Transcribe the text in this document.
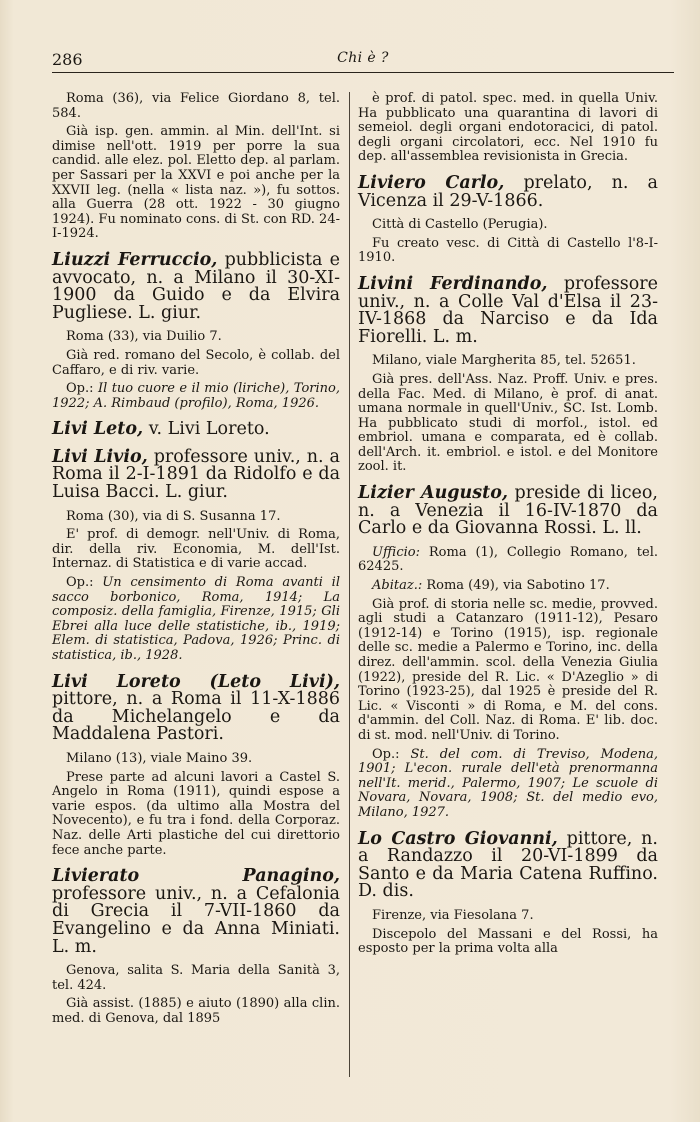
286	Chi è ?
Roma (36), via Felice Giordano 8, tel. 584.
Già isp. gen. ammin. al Min. dell'Int. si dimise nell'ott. 1919 per porre la sua candid. alle elez. pol. Eletto dep. al parlam. per Sassari per la XXVI e poi anche per la XXVII leg. (nella « lista naz. »), fu sottos. alla Guerra (28 ott. 1922 - 30 giugno 1924). Fu nominato cons. di St. con RD. 24-I-1924.
Liuzzi Ferruccio, pubblicista e avvocato, n. a Milano il 30-XI-1900 da Guido e da Elvira Pugliese. L. giur.
Roma (33), via Duilio 7.
Già red. romano del Secolo, è collab. del Caffaro, e di riv. varie.
Op.: Il tuo cuore e il mio (liriche), Torino, 1922; A. Rimbaud (profilo), Roma, 1926.
Livi Leto, v. Livi Loreto.
Livi Livio, professore univ., n. a Roma il 2-I-1891 da Ridolfo e da Luisa Bacci. L. giur.
Roma (30), via di S. Susanna 17.
E' prof. di demogr. nell'Univ. di Roma, dir. della riv. Economia, M. dell'Ist. Internaz. di Statistica e di varie accad.
Op.: Un censimento di Roma avanti il sacco borbonico, Roma, 1914; La composiz. della famiglia, Firenze, 1915; Gli Ebrei alla luce delle statistiche, ib., 1919; Elem. di statistica, Padova, 1926; Princ. di statistica, ib., 1928.
Livi Loreto (Leto Livi), pittore, n. a Roma il 11-X-1886 da Michelangelo e da Maddalena Pastori.
Milano (13), viale Maino 39.
Prese parte ad alcuni lavori a Castel S. Angelo in Roma (1911), quindi espose a varie espos. (da ultimo alla Mostra del Novecento), e fu tra i fond. della Corporaz. Naz. delle Arti plastiche del cui direttorio fece anche parte.
Livierato Panagino, professore univ., n. a Cefalonia di Grecia il 7-VII-1860 da Evangelino e da Anna Miniati. L. m.
Genova, salita S. Maria della Sanità 3, tel. 424.
Già assist. (1885) e aiuto (1890) alla clin. med. di Genova, dal 1895
è prof. di patol. spec. med. in quella Univ. Ha pubblicato una quarantina di lavori di semeiol. degli organi endotoracici, di patol. degli organi circolatori, ecc. Nel 1910 fu dep. all'assemblea revisionista in Grecia.
Liviero Carlo, prelato, n. a Vicenza il 29-V-1866.
Città di Castello (Perugia).
Fu creato vesc. di Città di Castello l'8-I-1910.
Livini Ferdinando, professore univ., n. a Colle Val d'Elsa il 23-IV-1868 da Narciso e da Ida Fiorelli. L. m.
Milano, viale Margherita 85, tel. 52651.
Già pres. dell'Ass. Naz. Proff. Univ. e pres. della Fac. Med. di Milano, è prof. di anat. umana normale in quell'Univ., SC. Ist. Lomb. Ha pubblicato studi di morfol., istol. ed embriol. umana e comparata, ed è collab. dell'Arch. it. embriol. e istol. e del Monitore zool. it.
Lizier Augusto, preside di liceo, n. a Venezia il 16-IV-1870 da Carlo e da Giovanna Rossi. L. ll.
Ufficio: Roma (1), Collegio Romano, tel. 62425.
Abitaz.: Roma (49), via Sabotino 17.
Già prof. di storia nelle sc. medie, provved. agli studi a Catanzaro (1911-12), Pesaro (1912-14) e Torino (1915), isp. regionale delle sc. medie a Palermo e Torino, inc. della direz. dell'ammin. scol. della Venezia Giulia (1922), preside del R. Lic. « D'Azeglio » di Torino (1923-25), dal 1925 è preside del R. Lic. « Visconti » di Roma, e M. del cons. d'ammin. del Coll. Naz. di Roma. E' lib. doc. di st. mod. nell'Univ. di Torino.
Op.: St. del com. di Treviso, Modena, 1901; L'econ. rurale dell'età prenormanna nell'It. merid., Palermo, 1907; Le scuole di Novara, Novara, 1908; St. del medio evo, Milano, 1927.
Lo Castro Giovanni, pittore, n. a Randazzo il 20-VI-1899 da Santo e da Maria Catena Ruffino. D. dis.
Firenze, via Fiesolana 7.
Discepolo del Massani e del Rossi, ha esposto per la prima volta alla
